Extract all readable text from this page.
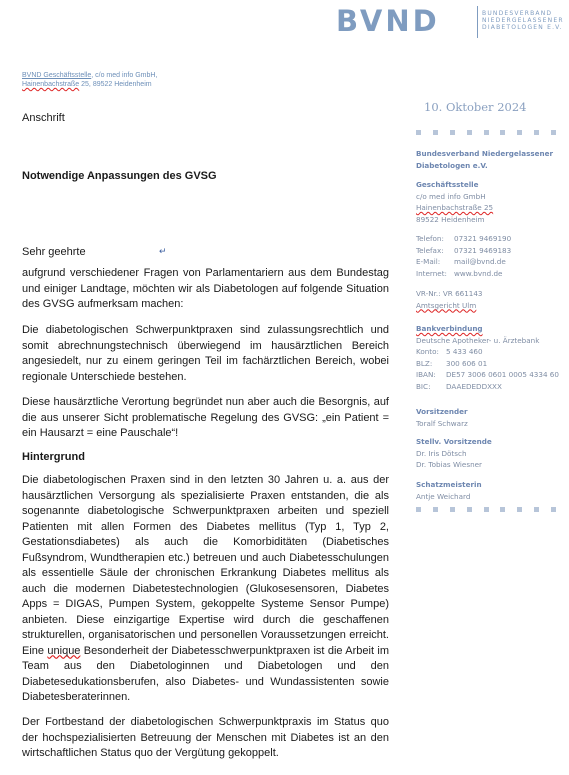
BVND	BUNDESVERBAND
NIEDERGELASSENER
DIABETOLOGEN E.V.
BVND Geschäftsstelle, c/o med info GmbH,
Hainenbachstraße 25, 89522 Heidenheim
Anschrift
Notwendige Anpassungen des GVSG
Sehr geehrte	↵
aufgrund verschiedener Fragen von Parlamentariern aus dem Bundestag und einiger Landtage, möchten wir als Diabetologen auf folgende Situation des GVSG aufmerksam machen:
Die diabetologischen Schwerpunktpraxen sind zulassungsrechtlich und somit abrechnungstechnisch überwiegend im hausärztlichen Bereich angesiedelt, nur zu einem geringen Teil im fachärztlichen Bereich, wobei regionale Unterschiede bestehen.
Diese hausärztliche Verortung begründet nun aber auch die Besorgnis, auf die aus unserer Sicht problematische Regelung des GVSG: „ein Patient = ein Hausarzt = eine Pauschale“!
Hintergrund
Die diabetologischen Praxen sind in den letzten 30 Jahren u. a. aus der hausärztlichen Versorgung als spezialisierte Praxen entstanden, die als sogenannte diabetologische Schwerpunktpraxen arbeiten und speziell Patienten mit allen Formen des Diabetes mellitus (Typ 1, Typ 2, Gestationsdiabetes) als auch die Komorbiditäten (Diabetisches Fußsyndrom, Wundtherapien etc.) betreuen und auch Diabetesschulungen als essentielle Säule der chronischen Erkrankung Diabetes mellitus als auch die modernen Diabetestechnologien (Glukosesensoren, Diabetes Apps = DIGAS, Pumpen System, gekoppelte Systeme Sensor Pumpe) anbieten. Diese einzigartige Expertise wird durch die geschaffenen strukturellen, organisatorischen und personellen Voraussetzungen erreicht. Eine unique Besonderheit der Diabetesschwerpunktpraxen ist die Arbeit im Team aus den Diabetologinnen und Diabetologen und den Diabetesedukationsberufen, also Diabetes- und Wundassistenten sowie Diabetesberaterinnen.
Der Fortbestand der diabetologischen Schwerpunktpraxis im Status quo der hochspezialisierten Betreuung der Menschen mit Diabetes ist an den wirtschaftlichen Status quo der Vergütung gekoppelt.
10. Oktober 2024
Bundesverband Niedergelassener
Diabetologen e.V.
Geschäftsstelle
c/o med info GmbH
Hainenbachstraße 25
89522 Heidenheim
Telefon:	07321 9469190
Telefax:	07321 9469183
E-Mail:	mail@bvnd.de
Internet: www.bvnd.de
VR-Nr.: VR 661143
Amtsgericht Ulm
Bankverbindung
Deutsche Apotheker- u. Ärztebank
Konto: 5 433 460
BLZ:	300 606 01
IBAN:	DE57 3006 0601 0005 4334 60
BIC:	DAAEDEDDXXX
Vorsitzender
Toralf Schwarz
Stellv. Vorsitzende
Dr. Iris Dötsch
Dr. Tobias Wiesner
Schatzmeisterin
Antje Weichard
